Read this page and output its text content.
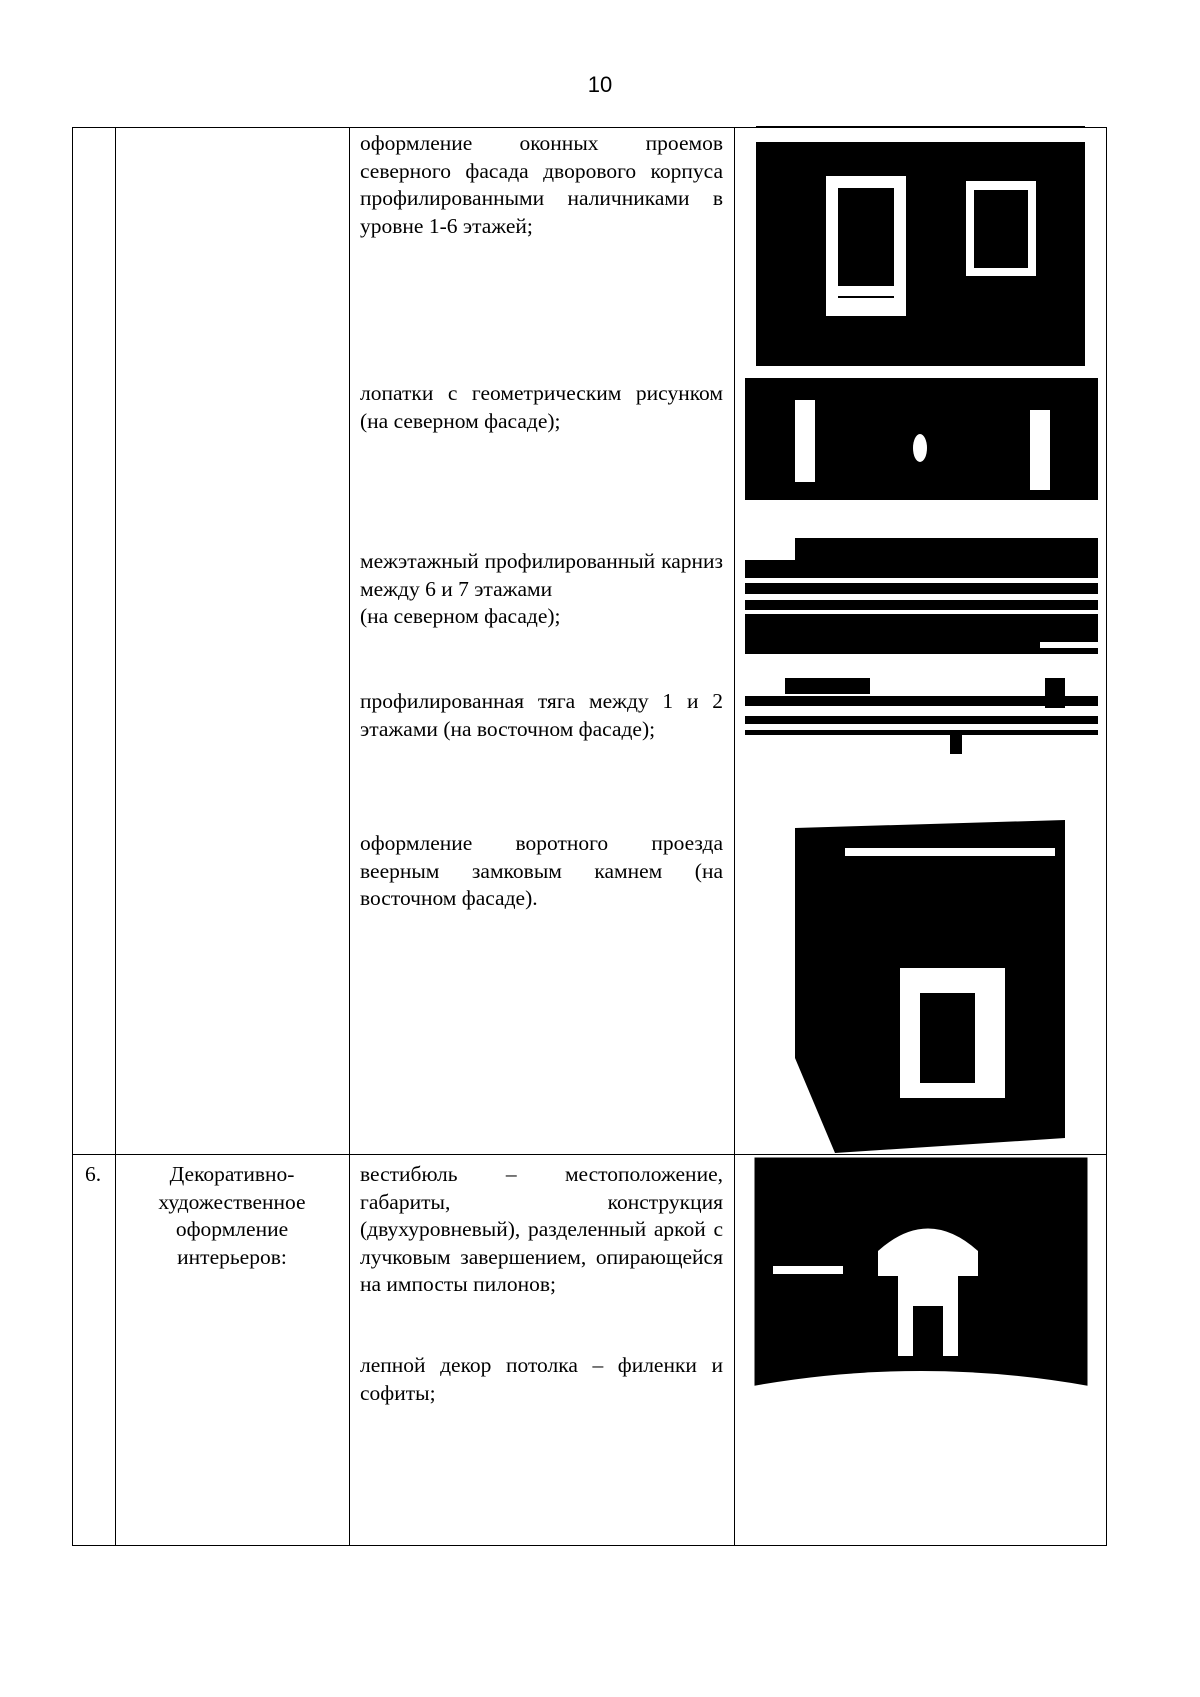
10
оформление оконных проемов северного фасада дворового корпуса профилированными наличниками в уровне 1-6 этажей;
лопатки с геометрическим рисунком (на северном фасаде);
межэтажный профилированный карниз между 6 и 7 этажами
(на северном фасаде);
профилированная тяга между 1 и 2 этажами (на восточном фасаде);
оформление воротного проезда веерным замковым камнем (на восточном фасаде).
6.	Декоративно-художественное оформление интерьеров:
вестибюль – местоположение, габариты, конструкция (двухуровневый), разделенный аркой с лучковым завершением, опирающейся на импосты пилонов;
лепной декор потолка – филенки и софиты;
